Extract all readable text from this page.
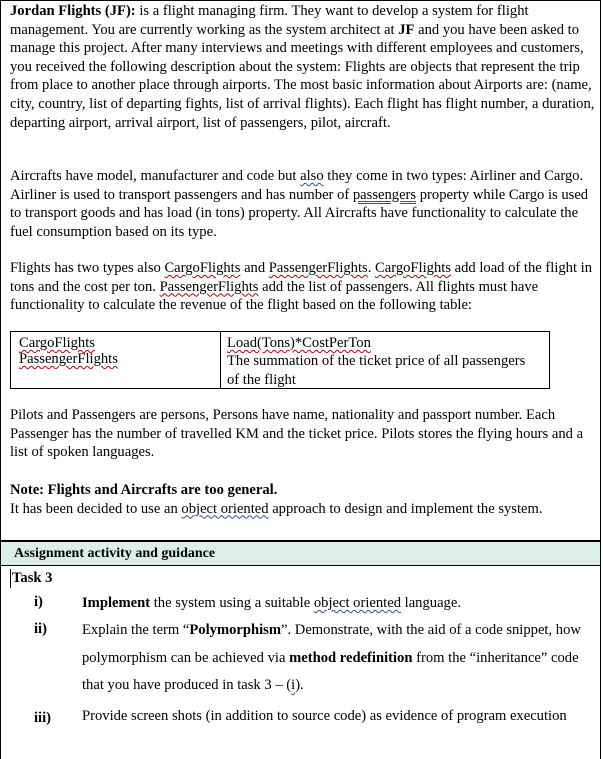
Jordan Flights (JF): is a flight managing firm. They want to develop a system for flight management. You are currently working as the system architect at JF and you have been asked to manage this project. After many interviews and meetings with different employees and customers, you received the following description about the system: Flights are objects that represent the trip from place to another place through airports. The most basic information about Airports are: (name, city, country, list of departing fights, list of arrival flights). Each flight has flight number, a duration, departing airport, arrival airport, list of passengers, pilot, aircraft.

Aircrafts have model, manufacturer and code but also they come in two types: Airliner and Cargo. Airliner is used to transport passengers and has number of passengers property while Cargo is used to transport goods and has load (in tons) property. All Aircrafts have functionality to calculate the fuel consumption based on its type.

Flights has two types also CargoFlights and PassengerFlights. CargoFlights add load of the flight in tons and the cost per ton. PassengerFlights add the list of passengers. All flights must have functionality to calculate the revenue of the flight based on the following table:

CargoFlights
PassengerFlights
Load(Tons)*CostPerTon
The summation of the ticket price of all passengers of the flight

Pilots and Passengers are persons, Persons have name, nationality and passport number. Each Passenger has the number of travelled KM and the ticket price. Pilots stores the flying hours and a list of spoken languages.

Note: Flights and Aircrafts are too general.
It has been decided to use an object oriented approach to design and implement the system.

Assignment activity and guidance
Task 3
i)	Implement the system using a suitable object oriented language.
ii) Explain the term “Polymorphism”. Demonstrate, with the aid of a code snippet, how polymorphism can be achieved via method redefinition from the “inheritance” code that you have produced in task 3 – (i).
iii) Provide screen shots (in addition to source code) as evidence of program execution
